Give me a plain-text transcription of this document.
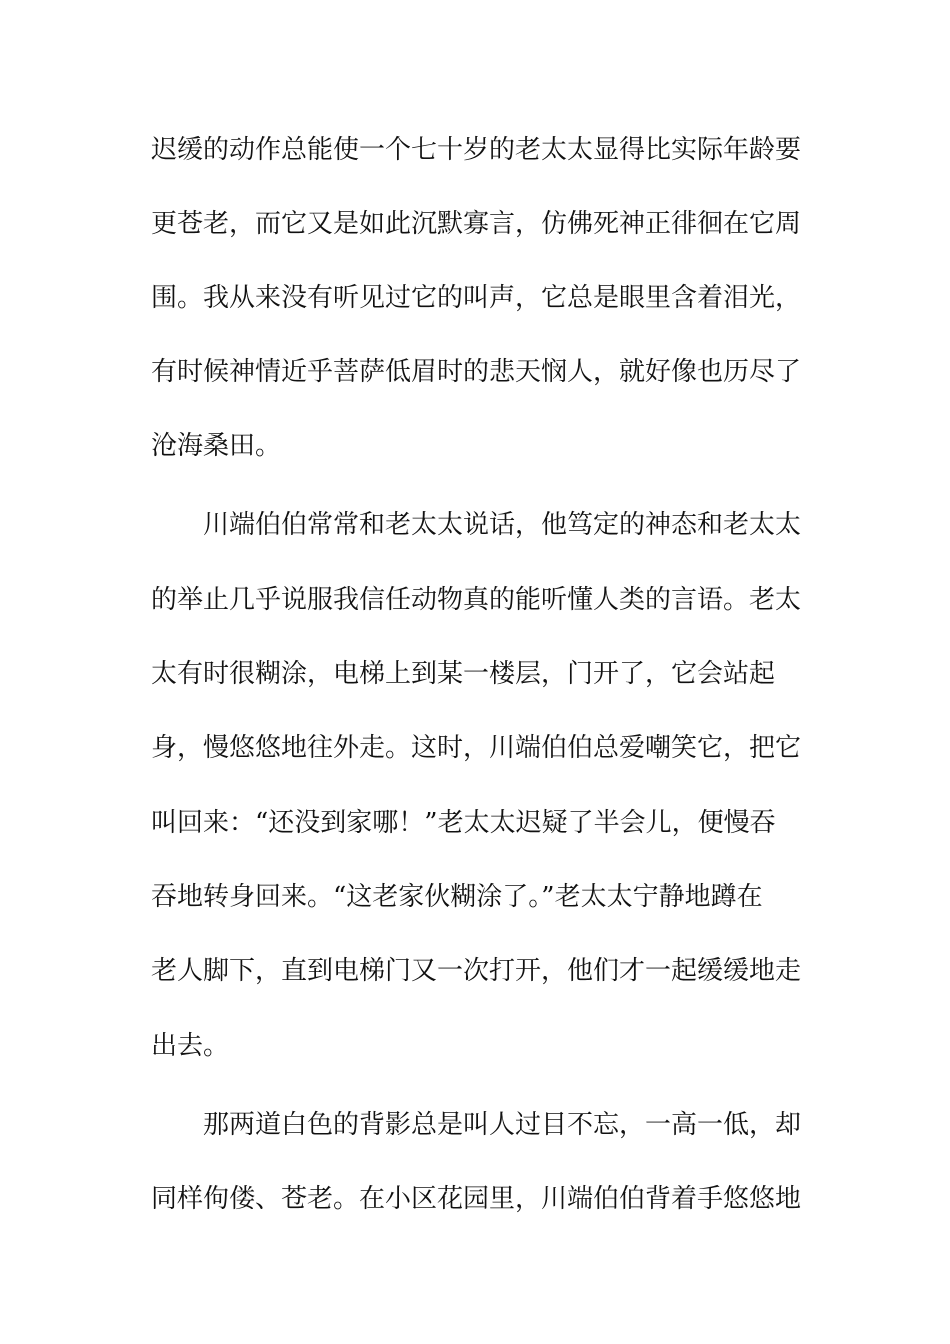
迟缓的动作总能使一个七十岁的老太太显得比实际年龄要
更苍老，而它又是如此沉默寡言，仿佛死神正徘徊在它周
围。我从来没有听见过它的叫声，它总是眼里含着泪光，
有时候神情近乎菩萨低眉时的悲天悯人，就好像也历尽了
沧海桑田。
川端伯伯常常和老太太说话，他笃定的神态和老太太
的举止几乎说服我信任动物真的能听懂人类的言语。老太
太有时很糊涂，电梯上到某一楼层，门开了，它会站起
身，慢悠悠地往外走。这时，川端伯伯总爱嘲笑它，把它
叫回来：“还没到家哪！”老太太迟疑了半会儿，便慢吞
吞地转身回来。“这老家伙糊涂了。”老太太宁静地蹲在
老人脚下，直到电梯门又一次打开，他们才一起缓缓地走
出去。
那两道白色的背影总是叫人过目不忘，一高一低，却
同样佝偻、苍老。在小区花园里，川端伯伯背着手悠悠地
